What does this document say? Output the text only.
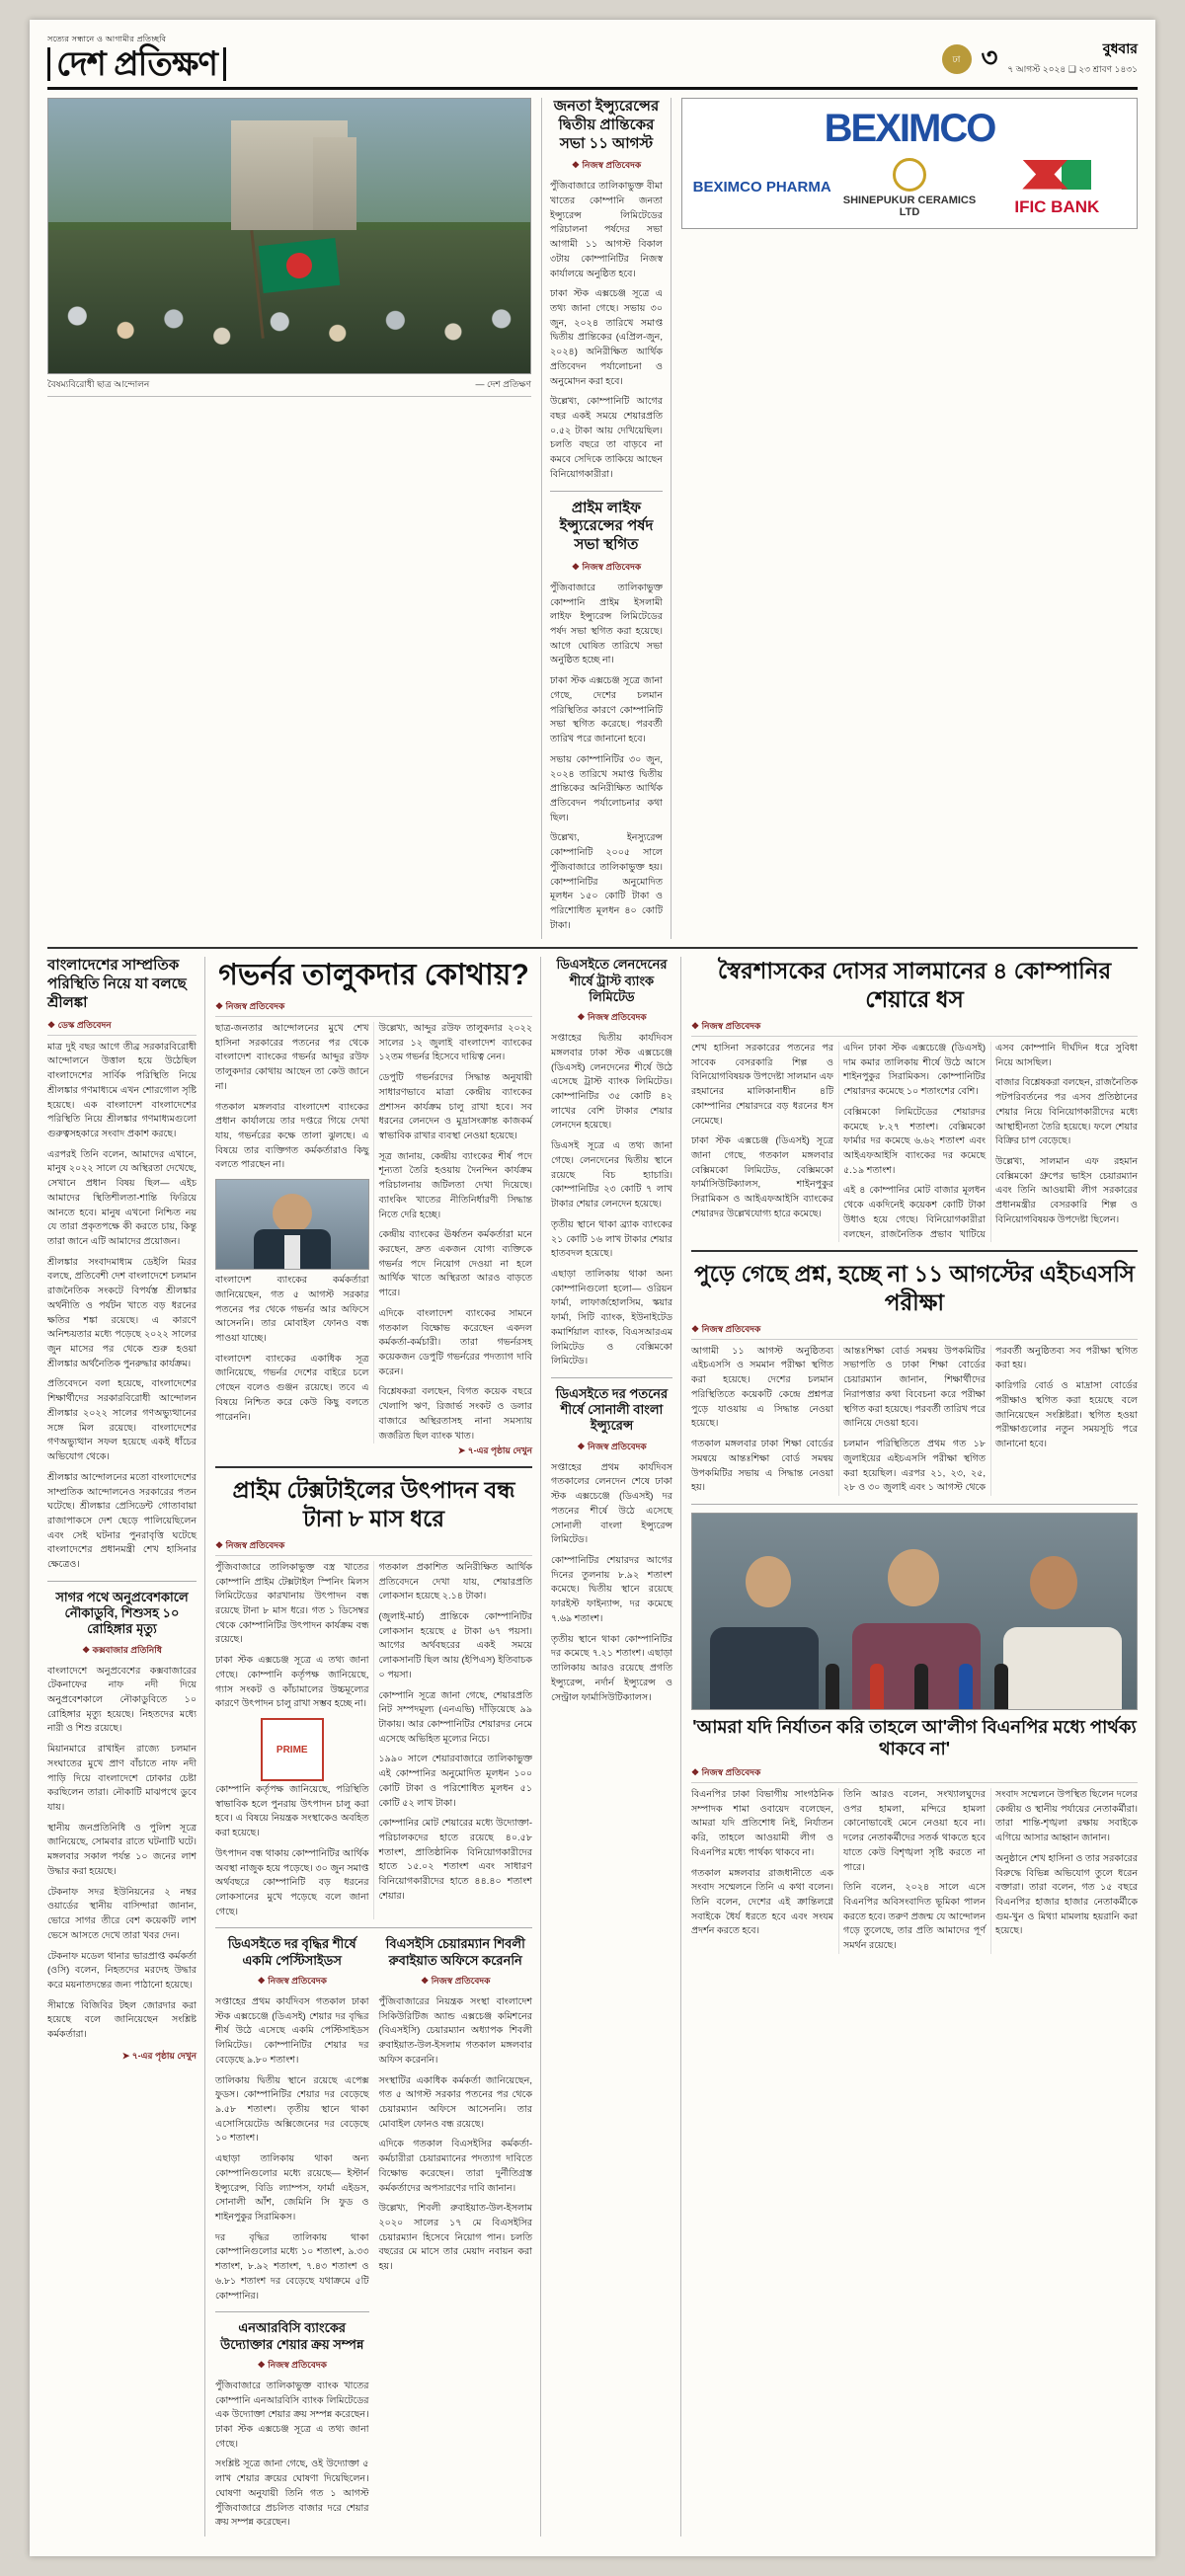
সত্যের সন্ধানে ও আগামীর প্রতিচ্ছবি
দেশ প্রতিক্ষণ	ঢা ৩	বুধবার
৭ আগস্ট ২০২৪ ❑ ২৩ শ্রাবণ ১৪৩১
বৈষম্যবিরোধী ছাত্র আন্দোলন	— দেশ প্রতিক্ষণ
জনতা ইন্স্যুরেন্সের দ্বিতীয় প্রান্তিকের সভা ১১ আগস্ট
❖ নিজস্ব প্রতিবেদক

পুঁজিবাজারে তালিকাভুক্ত বীমা খাতের কোম্পানি জনতা ইন্স্যুরেন্স লিমিটেডের পরিচালনা পর্ষদের সভা আগামী ১১ আগস্ট বিকাল ৩টায় কোম্পানিটির নিজস্ব কার্যালয়ে অনুষ্ঠিত হবে।

ঢাকা স্টক এক্সচেঞ্জ সূত্রে এ তথ্য জানা গেছে। সভায় ৩০ জুন, ২০২৪ তারিখে সমাপ্ত দ্বিতীয় প্রান্তিকের (এপ্রিল-জুন, ২০২৪) অনিরীক্ষিত আর্থিক প্রতিবেদন পর্যালোচনা ও অনুমোদন করা হবে।

উল্লেখ্য, কোম্পানিটি আগের বছর একই সময়ে শেয়ারপ্রতি ০.৫২ টাকা আয় দেখিয়েছিল। চলতি বছরে তা বাড়বে না কমবে সেদিকে তাকিয়ে আছেন বিনিয়োগকারীরা।

প্রাইম লাইফ ইন্স্যুরেন্সের পর্ষদ সভা স্থগিত
❖ নিজস্ব প্রতিবেদক

পুঁজিবাজারে তালিকাভুক্ত কোম্পানি প্রাইম ইসলামী লাইফ ইন্স্যুরেন্স লিমিটেডের পর্ষদ সভা স্থগিত করা হয়েছে। আগে ঘোষিত তারিখে সভা অনুষ্ঠিত হচ্ছে না।

ঢাকা স্টক এক্সচেঞ্জ সূত্রে জানা গেছে, দেশের চলমান পরিস্থিতির কারণে কোম্পানিটি সভা স্থগিত করেছে। পরবর্তী তারিখ পরে জানানো হবে।

সভায় কোম্পানিটির ৩০ জুন, ২০২৪ তারিখে সমাপ্ত দ্বিতীয় প্রান্তিকের অনিরীক্ষিত আর্থিক প্রতিবেদন পর্যালোচনার কথা ছিল।

উল্লেখ্য, ইনস্যুরেন্স কোম্পানিটি ২০০৫ সালে পুঁজিবাজারে তালিকাভুক্ত হয়। কোম্পানিটির অনুমোদিত মূলধন ১৫০ কোটি টাকা ও পরিশোধিত মূলধন ৪০ কোটি টাকা।

BEXIMCO
BEXIMCO PHARMA
SHINEPUKUR CERAMICS LTD	IFIC BANK
বাংলাদেশের সাম্প্রতিক পরিস্থিতি নিয়ে যা বলছে শ্রীলঙ্কা
❖ ডেস্ক প্রতিবেদন

মাত্র দুই বছর আগে তীব্র সরকারবিরোধী আন্দোলনে উত্তাল হয়ে উঠেছিল বাংলাদেশের সার্বিক পরিস্থিতি নিয়ে শ্রীলঙ্কার গণমাধ্যমে এখন শোরগোল সৃষ্টি হয়েছে। এক বাংলাদেশ বাংলাদেশের পরিস্থিতি নিয়ে শ্রীলঙ্কার গণমাধ্যমগুলো গুরুত্বসহকারে সংবাদ প্রকাশ করছে।

এরপরই তিনি বলেন, আমাদের এখানে, মানুষ ২০২২ সালে যে অস্থিরতা দেখেছে, সেখানে প্রধান বিষয় ছিল— এইচ আমাদের স্থিতিশীলতা-শান্তি ফিরিয়ে আনতে হবে। মানুষ এখনো নিশ্চিত নয় যে তারা প্রকৃতপক্ষে কী করতে চায়, কিন্তু তারা জানে এটি আমাদের প্রয়োজন।

শ্রীলঙ্কার সংবাদমাধ্যম ডেইলি মিরর বলছে, প্রতিবেশী দেশ বাংলাদেশে চলমান রাজনৈতিক সংকটে বিপর্যস্ত শ্রীলঙ্কার অর্থনীতি ও পর্যটন খাতে বড় ধরনের ক্ষতির শঙ্কা রয়েছে। এ কারণে অনিশ্চয়তার মধ্যে পড়েছে ২০২২ সালের জুন মাসের পর থেকে শুরু হওয়া শ্রীলঙ্কার অর্থনৈতিক পুনরুদ্ধার কার্যক্রম।

প্রতিবেদনে বলা হয়েছে, বাংলাদেশের শিক্ষার্থীদের সরকারবিরোধী আন্দোলন শ্রীলঙ্কার ২০২২ সালের গণঅভ্যুত্থানের সঙ্গে মিল রয়েছে। বাংলাদেশের গণঅভ্যুত্থান সফল হয়েছে একই ধাঁচের অভিযোগ থেকে।

শ্রীলঙ্কার আন্দোলনের মতো বাংলাদেশের সাম্প্রতিক আন্দোলনেও সরকারের পতন ঘটেছে। শ্রীলঙ্কার প্রেসিডেন্ট গোতাবায়া রাজাপাকসে দেশ ছেড়ে পালিয়েছিলেন এবং সেই ঘটনার পুনরাবৃত্তি ঘটেছে বাংলাদেশের প্রধানমন্ত্রী শেখ হাসিনার ক্ষেত্রেও।

সাগর পথে অনুপ্রবেশকালে নৌকাডুবি, শিশুসহ ১০ রোহিঙ্গার মৃত্যু
❖ কক্সবাজার প্রতিনিধি

বাংলাদেশে অনুপ্রবেশের কক্সবাজারের টেকনাফের নাফ নদী দিয়ে অনুপ্রবেশকালে নৌকাডুবিতে ১০ রোহিঙ্গার মৃত্যু হয়েছে। নিহতদের মধ্যে নারী ও শিশু রয়েছে।

মিয়ানমারে রাখাইন রাজ্যে চলমান সংঘাতের মুখে প্রাণ বাঁচাতে নাফ নদী পাড়ি দিয়ে বাংলাদেশে ঢোকার চেষ্টা করছিলেন তারা। নৌকাটি মাঝপথে ডুবে যায়।

স্থানীয় জনপ্রতিনিধি ও পুলিশ সূত্রে জানিয়েছে, সোমবার রাতে ঘটনাটি ঘটে। মঙ্গলবার সকাল পর্যন্ত ১০ জনের লাশ উদ্ধার করা হয়েছে।

টেকনাফ সদর ইউনিয়নের ২ নম্বর ওয়ার্ডের স্থানীয় বাসিন্দারা জানান, ভোরে সাগর তীরে বেশ কয়েকটি লাশ ভেসে আসতে দেখে তারা খবর দেন।

টেকনাফ মডেল থানার ভারপ্রাপ্ত কর্মকর্তা (ওসি) বলেন, নিহতদের মরদেহ উদ্ধার করে ময়নাতদন্তের জন্য পাঠানো হয়েছে।

সীমান্তে বিজিবির টহল জোরদার করা হয়েছে বলে জানিয়েছেন সংশ্লিষ্ট কর্মকর্তারা।

➤ ৭-এর পৃষ্ঠায় দেখুন
গভর্নর তালুকদার কোথায়?
❖ নিজস্ব প্রতিবেদক

ছাত্র-জনতার আন্দোলনের মুখে শেখ হাসিনা সরকারের পতনের পর থেকে বাংলাদেশ ব্যাংকের গভর্নর আব্দুর রউফ তালুকদার কোথায় আছেন তা কেউ জানে না।

গতকাল মঙ্গলবার বাংলাদেশ ব্যাংকের প্রধান কার্যালয়ে তার দপ্তরে গিয়ে দেখা যায়, গভর্নরের কক্ষে তালা ঝুলছে। এ বিষয়ে তার ব্যক্তিগত কর্মকর্তারাও কিছু বলতে পারছেন না।

বাংলাদেশ ব্যাংকের কর্মকর্তারা জানিয়েছেন, গত ৫ আগস্ট সরকার পতনের পর থেকে গভর্নর আর অফিসে আসেননি। তার মোবাইল ফোনও বন্ধ পাওয়া যাচ্ছে।

বাংলাদেশ ব্যাংকের একাধিক সূত্র জানিয়েছে, গভর্নর দেশের বাইরে চলে গেছেন বলেও গুঞ্জন রয়েছে। তবে এ বিষয়ে নিশ্চিত করে কেউ কিছু বলতে পারেননি।

উল্লেখ্য, আব্দুর রউফ তালুকদার ২০২২ সালের ১২ জুলাই বাংলাদেশ ব্যাংকের ১২তম গভর্নর হিসেবে দায়িত্ব নেন।

ডেপুটি গভর্নরদের সিদ্ধান্ত অনুযায়ী সাধারণভাবে মাত্রা কেন্দ্রীয় ব্যাংকের প্রশাসন কার্যক্রম চালু রাখা হবে। সব ধরনের লেনদেন ও মুদ্রাসংক্রান্ত কাজকর্ম স্বাভাবিক রাখার ব্যবস্থা নেওয়া হয়েছে।

সূত্র জানায়, কেন্দ্রীয় ব্যাংকের শীর্ষ পদে শূন্যতা তৈরি হওয়ায় দৈনন্দিন কার্যক্রম পরিচালনায় জটিলতা দেখা দিয়েছে। ব্যাংকিং খাতের নীতিনির্ধারণী সিদ্ধান্ত নিতে দেরি হচ্ছে।

কেন্দ্রীয় ব্যাংকের ঊর্ধ্বতন কর্মকর্তারা মনে করছেন, দ্রুত একজন যোগ্য ব্যক্তিকে গভর্নর পদে নিয়োগ দেওয়া না হলে আর্থিক খাতে অস্থিরতা আরও বাড়তে পারে।

এদিকে বাংলাদেশ ব্যাংকের সামনে গতকাল বিক্ষোভ করেছেন একদল কর্মকর্তা-কর্মচারী। তারা গভর্নরসহ কয়েকজন ডেপুটি গভর্নরের পদত্যাগ দাবি করেন।

বিশ্লেষকরা বলছেন, বিগত কয়েক বছরে খেলাপি ঋণ, রিজার্ভ সংকট ও ডলার বাজারে অস্থিরতাসহ নানা সমস্যায় জর্জরিত ছিল ব্যাংক খাত।

➤ ৭-এর পৃষ্ঠায় দেখুন
প্রাইম টেক্সটাইলের উৎপাদন বন্ধ টানা ৮ মাস ধরে
❖ নিজস্ব প্রতিবেদক

পুঁজিবাজারে তালিকাভুক্ত বস্ত্র খাতের কোম্পানি প্রাইম টেক্সটাইল স্পিনিং মিলস লিমিটেডের কারখানায় উৎপাদন বন্ধ রয়েছে টানা ৮ মাস ধরে। গত ১ ডিসেম্বর থেকে কোম্পানিটির উৎপাদন কার্যক্রম বন্ধ রয়েছে।

ঢাকা স্টক এক্সচেঞ্জ সূত্রে এ তথ্য জানা গেছে। কোম্পানি কর্তৃপক্ষ জানিয়েছে, গ্যাস সংকট ও কাঁচামালের উচ্চমূল্যের কারণে উৎপাদন চালু রাখা সম্ভব হচ্ছে না।

PRIME

কোম্পানি কর্তৃপক্ষ জানিয়েছে, পরিস্থিতি স্বাভাবিক হলে পুনরায় উৎপাদন চালু করা হবে। এ বিষয়ে নিয়ন্ত্রক সংস্থাকেও অবহিত করা হয়েছে।

উৎপাদন বন্ধ থাকায় কোম্পানিটির আর্থিক অবস্থা নাজুক হয়ে পড়েছে। ৩০ জুন সমাপ্ত অর্থবছরে কোম্পানিটি বড় ধরনের লোকসানের মুখে পড়েছে বলে জানা গেছে।

গতকাল প্রকাশিত অনিরীক্ষিত আর্থিক প্রতিবেদনে দেখা যায়, শেয়ারপ্রতি লোকসান হয়েছে ২.১৪ টাকা।

(জুলাই-মার্চ) প্রান্তিকে কোম্পানিটির লোকসান হয়েছে ৫ টাকা ৬৭ পয়সা। আগের অর্থবছরের একই সময়ে লোকসানটি ছিল আয় (ইপিএস) ইতিবাচক ০ পয়সা।

কোম্পানি সূত্রে জানা গেছে, শেয়ারপ্রতি নিট সম্পদমূল্য (এনএভি) দাঁড়িয়েছে ৯৯ টাকায়। আর কোম্পানিটির শেয়ারদর নেমে এসেছে অভিহিত মূল্যের নিচে।

১৯৯০ সালে শেয়ারবাজারে তালিকাভুক্ত এই কোম্পানির অনুমোদিত মূলধন ১০০ কোটি টাকা ও পরিশোধিত মূলধন ৫১ কোটি ৫২ লাখ টাকা।

কোম্পানির মোট শেয়ারের মধ্যে উদ্যোক্তা-পরিচালকদের হাতে রয়েছে ৪০.৫৮ শতাংশ, প্রাতিষ্ঠানিক বিনিয়োগকারীদের হাতে ১৫.০২ শতাংশ এবং সাধারণ বিনিয়োগকারীদের হাতে ৪৪.৪০ শতাংশ শেয়ার।

ডিএসইতে দর বৃদ্ধির শীর্ষে একমি পেস্টিসাইডস
❖ নিজস্ব প্রতিবেদক

সপ্তাহের প্রথম কার্যদিবস গতকাল ঢাকা স্টক এক্সচেঞ্জে (ডিএসই) শেয়ার দর বৃদ্ধির শীর্ষ উঠে এসেছে একমি পেস্টিসাইডস লিমিটেড। কোম্পানিটির শেয়ার দর বেড়েছে ৯.৮০ শতাংশ।

তালিকায় দ্বিতীয় স্থানে রয়েছে এপেক্স ফুডস। কোম্পানিটির শেয়ার দর বেড়েছে ৯.৫৮ শতাংশ। তৃতীয় স্থানে থাকা এসোসিয়েটেড অক্সিজেনের দর বেড়েছে ১০ শতাংশ।

এছাড়া তালিকায় থাকা অন্য কোম্পানিগুলোর মধ্যে রয়েছে— ইস্টার্ন ইন্স্যুরেন্স, বিডি ল্যাম্পস, ফার্মা এইডস, সোনালী আঁশ, জেমিনি সি ফুড ও শাইনপুকুর সিরামিকস।

দর বৃদ্ধির তালিকায় থাকা কোম্পানিগুলোর মধ্যে ১০ শতাংশ, ৯.৩৩ শতাংশ, ৮.৯২ শতাংশ, ৭.৪৩ শতাংশ ও ৬.৮১ শতাংশ দর বেড়েছে যথাক্রমে ৫টি কোম্পানির।

এনআরবিসি ব্যাংকের উদ্যোক্তার শেয়ার ক্রয় সম্পন্ন
❖ নিজস্ব প্রতিবেদক

পুঁজিবাজারে তালিকাভুক্ত ব্যাংক খাতের কোম্পানি এনআরবিসি ব্যাংক লিমিটেডের এক উদ্যোক্তা শেয়ার ক্রয় সম্পন্ন করেছেন। ঢাকা স্টক এক্সচেঞ্জ সূত্রে এ তথ্য জানা গেছে।

সংশ্লিষ্ট সূত্রে জানা গেছে, ওই উদ্যোক্তা ৫ লাখ শেয়ার ক্রয়ের ঘোষণা দিয়েছিলেন। ঘোষণা অনুযায়ী তিনি গত ১ আগস্ট পুঁজিবাজারে প্রচলিত বাজার দরে শেয়ার ক্রয় সম্পন্ন করেছেন।

বিএসইসি চেয়ারম্যান শিবলী রুবাইয়াত অফিসে করেননি
❖ নিজস্ব প্রতিবেদক

পুঁজিবাজারের নিয়ন্ত্রক সংস্থা বাংলাদেশ সিকিউরিটিজ অ্যান্ড এক্সচেঞ্জ কমিশনের (বিএসইসি) চেয়ারম্যান অধ্যাপক শিবলী রুবাইয়াত-উল-ইসলাম গতকাল মঙ্গলবার অফিস করেননি।

সংস্থাটির একাধিক কর্মকর্তা জানিয়েছেন, গত ৫ আগস্ট সরকার পতনের পর থেকে চেয়ারম্যান অফিসে আসেননি। তার মোবাইল ফোনও বন্ধ রয়েছে।

এদিকে গতকাল বিএসইসির কর্মকর্তা-কর্মচারীরা চেয়ারম্যানের পদত্যাগ দাবিতে বিক্ষোভ করেছেন। তারা দুর্নীতিগ্রস্ত কর্মকর্তাদের অপসারণের দাবি জানান।

উল্লেখ্য, শিবলী রুবাইয়াত-উল-ইসলাম ২০২০ সালের ১৭ মে বিএসইসির চেয়ারম্যান হিসেবে নিয়োগ পান। চলতি বছরের মে মাসে তার মেয়াদ নবায়ন করা হয়।

ডিএসইতে লেনদেনের শীর্ষে ট্রাস্ট ব্যাংক লিমিটেড
❖ নিজস্ব প্রতিবেদক

সপ্তাহের দ্বিতীয় কার্যদিবস মঙ্গলবার ঢাকা স্টক এক্সচেঞ্জে (ডিএসই) লেনদেনের শীর্ষে উঠে এসেছে ট্রাস্ট ব্যাংক লিমিটেড। কোম্পানিটির ৩৫ কোটি ৪২ লাখের বেশি টাকার শেয়ার লেনদেন হয়েছে।

ডিএসই সূত্রে এ তথ্য জানা গেছে। লেনদেনের দ্বিতীয় স্থানে রয়েছে বিচ হ্যাচারি। কোম্পানিটির ২৩ কোটি ৭ লাখ টাকার শেয়ার লেনদেন হয়েছে।

তৃতীয় স্থানে থাকা ব্র্যাক ব্যাংকের ২১ কোটি ১৬ লাখ টাকার শেয়ার হাতবদল হয়েছে।

এছাড়া তালিকায় থাকা অন্য কোম্পানিগুলো হলো— ওরিয়ন ফার্মা, লাফার্জহোলসিম, স্কয়ার ফার্মা, সিটি ব্যাংক, ইউনাইটেড কমার্শিয়াল ব্যাংক, বিএসআরএম লিমিটেড ও বেক্সিমকো লিমিটেড।

ডিএসইতে দর পতনের শীর্ষে সোনালী বাংলা ইন্স্যুরেন্স
❖ নিজস্ব প্রতিবেদক

সপ্তাহের প্রথম কার্যদিবস গতকালের লেনদেন শেষে ঢাকা স্টক এক্সচেঞ্জে (ডিএসই) দর পতনের শীর্ষে উঠে এসেছে সোনালী বাংলা ইন্স্যুরেন্স লিমিটেড।

কোম্পানিটির শেয়ারদর আগের দিনের তুলনায় ৮.৯২ শতাংশ কমেছে। দ্বিতীয় স্থানে রয়েছে ফারইস্ট ফাইন্যান্স, দর কমেছে ৭.৬৯ শতাংশ।

তৃতীয় স্থানে থাকা কোম্পানিটির দর কমেছে ৭.২১ শতাংশ। এছাড়া তালিকায় আরও রয়েছে প্রগতি ইন্স্যুরেন্স, নর্দার্ন ইন্স্যুরেন্স ও সেন্ট্রাল ফার্মাসিউটিক্যালস।

স্বৈরশাসকের দোসর সালমানের ৪ কোম্পানির শেয়ারে ধস
❖ নিজস্ব প্রতিবেদক

শেখ হাসিনা সরকারের পতনের পর সাবেক বেসরকারি শিল্প ও বিনিয়োগবিষয়ক উপদেষ্টা সালমান এফ রহমানের মালিকানাধীন ৪টি কোম্পানির শেয়ারদরে বড় ধরনের ধস নেমেছে।

ঢাকা স্টক এক্সচেঞ্জ (ডিএসই) সূত্রে জানা গেছে, গতকাল মঙ্গলবার বেক্সিমকো লিমিটেড, বেক্সিমকো ফার্মাসিউটিক্যালস, শাইনপুকুর সিরামিকস ও আইএফআইসি ব্যাংকের শেয়ারদর উল্লেখযোগ্য হারে কমেছে।

এদিন ঢাকা স্টক এক্সচেঞ্জে (ডিএসই) দাম কমার তালিকায় শীর্ষে উঠে আসে শাইনপুকুর সিরামিকস। কোম্পানিটির শেয়ারদর কমেছে ১০ শতাংশের বেশি।

বেক্সিমকো লিমিটেডের শেয়ারদর কমেছে ৮.২৭ শতাংশ। বেক্সিমকো ফার্মার দর কমেছে ৬.৬২ শতাংশ এবং আইএফআইসি ব্যাংকের দর কমেছে ৫.১৯ শতাংশ।

এই ৪ কোম্পানির মোট বাজার মূলধন থেকে একদিনেই কয়েকশ কোটি টাকা উধাও হয়ে গেছে। বিনিয়োগকারীরা বলছেন, রাজনৈতিক প্রভাব খাটিয়ে এসব কোম্পানি দীর্ঘদিন ধরে সুবিধা নিয়ে আসছিল।

বাজার বিশ্লেষকরা বলছেন, রাজনৈতিক পটপরিবর্তনের পর এসব প্রতিষ্ঠানের শেয়ার নিয়ে বিনিয়োগকারীদের মধ্যে আস্থাহীনতা তৈরি হয়েছে। ফলে শেয়ার বিক্রির চাপ বেড়েছে।

উল্লেখ্য, সালমান এফ রহমান বেক্সিমকো গ্রুপের ভাইস চেয়ারম্যান এবং তিনি আওয়ামী লীগ সরকারের প্রধানমন্ত্রীর বেসরকারি শিল্প ও বিনিয়োগবিষয়ক উপদেষ্টা ছিলেন।

পুড়ে গেছে প্রশ্ন, হচ্ছে না ১১ আগস্টের এইচএসসি পরীক্ষা
❖ নিজস্ব প্রতিবেদক

আগামী ১১ আগস্ট অনুষ্ঠিতব্য এইচএসসি ও সমমান পরীক্ষা স্থগিত করা হয়েছে। দেশের চলমান পরিস্থিতিতে কয়েকটি কেন্দ্রে প্রশ্নপত্র পুড়ে যাওয়ায় এ সিদ্ধান্ত নেওয়া হয়েছে।

গতকাল মঙ্গলবার ঢাকা শিক্ষা বোর্ডের সমন্বয়ে আন্তঃশিক্ষা বোর্ড সমন্বয় উপকমিটির সভায় এ সিদ্ধান্ত নেওয়া হয়।

আন্তঃশিক্ষা বোর্ড সমন্বয় উপকমিটির সভাপতি ও ঢাকা শিক্ষা বোর্ডের চেয়ারম্যান জানান, শিক্ষার্থীদের নিরাপত্তার কথা বিবেচনা করে পরীক্ষা স্থগিত করা হয়েছে। পরবর্তী তারিখ পরে জানিয়ে দেওয়া হবে।

চলমান পরিস্থিতিতে প্রথম গত ১৮ জুলাইয়ের এইচএসসি পরীক্ষা স্থগিত করা হয়েছিল। এরপর ২১, ২৩, ২৫, ২৮ ও ৩০ জুলাই এবং ১ আগস্ট থেকে পরবর্তী অনুষ্ঠিতব্য সব পরীক্ষা স্থগিত করা হয়।

কারিগরি বোর্ড ও মাদ্রাসা বোর্ডের পরীক্ষাও স্থগিত করা হয়েছে বলে জানিয়েছেন সংশ্লিষ্টরা। স্থগিত হওয়া পরীক্ষাগুলোর নতুন সময়সূচি পরে জানানো হবে।

'আমরা যদি নির্যাতন করি তাহলে আ'লীগ বিএনপির মধ্যে পার্থক্য থাকবে না'
❖ নিজস্ব প্রতিবেদক

বিএনপির ঢাকা বিভাগীয় সাংগঠনিক সম্পাদক শামা ওবায়েদ বলেছেন, আমরা যদি প্রতিশোধ নিই, নির্যাতন করি, তাহলে আওয়ামী লীগ ও বিএনপির মধ্যে পার্থক্য থাকবে না।

গতকাল মঙ্গলবার রাজধানীতে এক সংবাদ সম্মেলনে তিনি এ কথা বলেন। তিনি বলেন, দেশের এই ক্রান্তিলগ্নে সবাইকে ধৈর্য ধরতে হবে এবং সংযম প্রদর্শন করতে হবে।

তিনি আরও বলেন, সংখ্যালঘুদের ওপর হামলা, মন্দিরে হামলা কোনোভাবেই মেনে নেওয়া হবে না। দলের নেতাকর্মীদের সতর্ক থাকতে হবে যাতে কেউ বিশৃঙ্খলা সৃষ্টি করতে না পারে।

তিনি বলেন, ২০২৪ সালে এসে বিএনপির অবিসংবাদিত ভূমিকা পালন করতে হবে। তরুণ প্রজন্ম যে আন্দোলন গড়ে তুলেছে, তার প্রতি আমাদের পূর্ণ সমর্থন রয়েছে।

সংবাদ সম্মেলনে উপস্থিত ছিলেন দলের কেন্দ্রীয় ও স্থানীয় পর্যায়ের নেতাকর্মীরা। তারা শান্তি-শৃঙ্খলা রক্ষায় সবাইকে এগিয়ে আসার আহ্বান জানান।

অনুষ্ঠানে শেখ হাসিনা ও তার সরকারের বিরুদ্ধে বিভিন্ন অভিযোগ তুলে ধরেন বক্তারা। তারা বলেন, গত ১৫ বছরে বিএনপির হাজার হাজার নেতাকর্মীকে গুম-খুন ও মিথ্যা মামলায় হয়রানি করা হয়েছে।
